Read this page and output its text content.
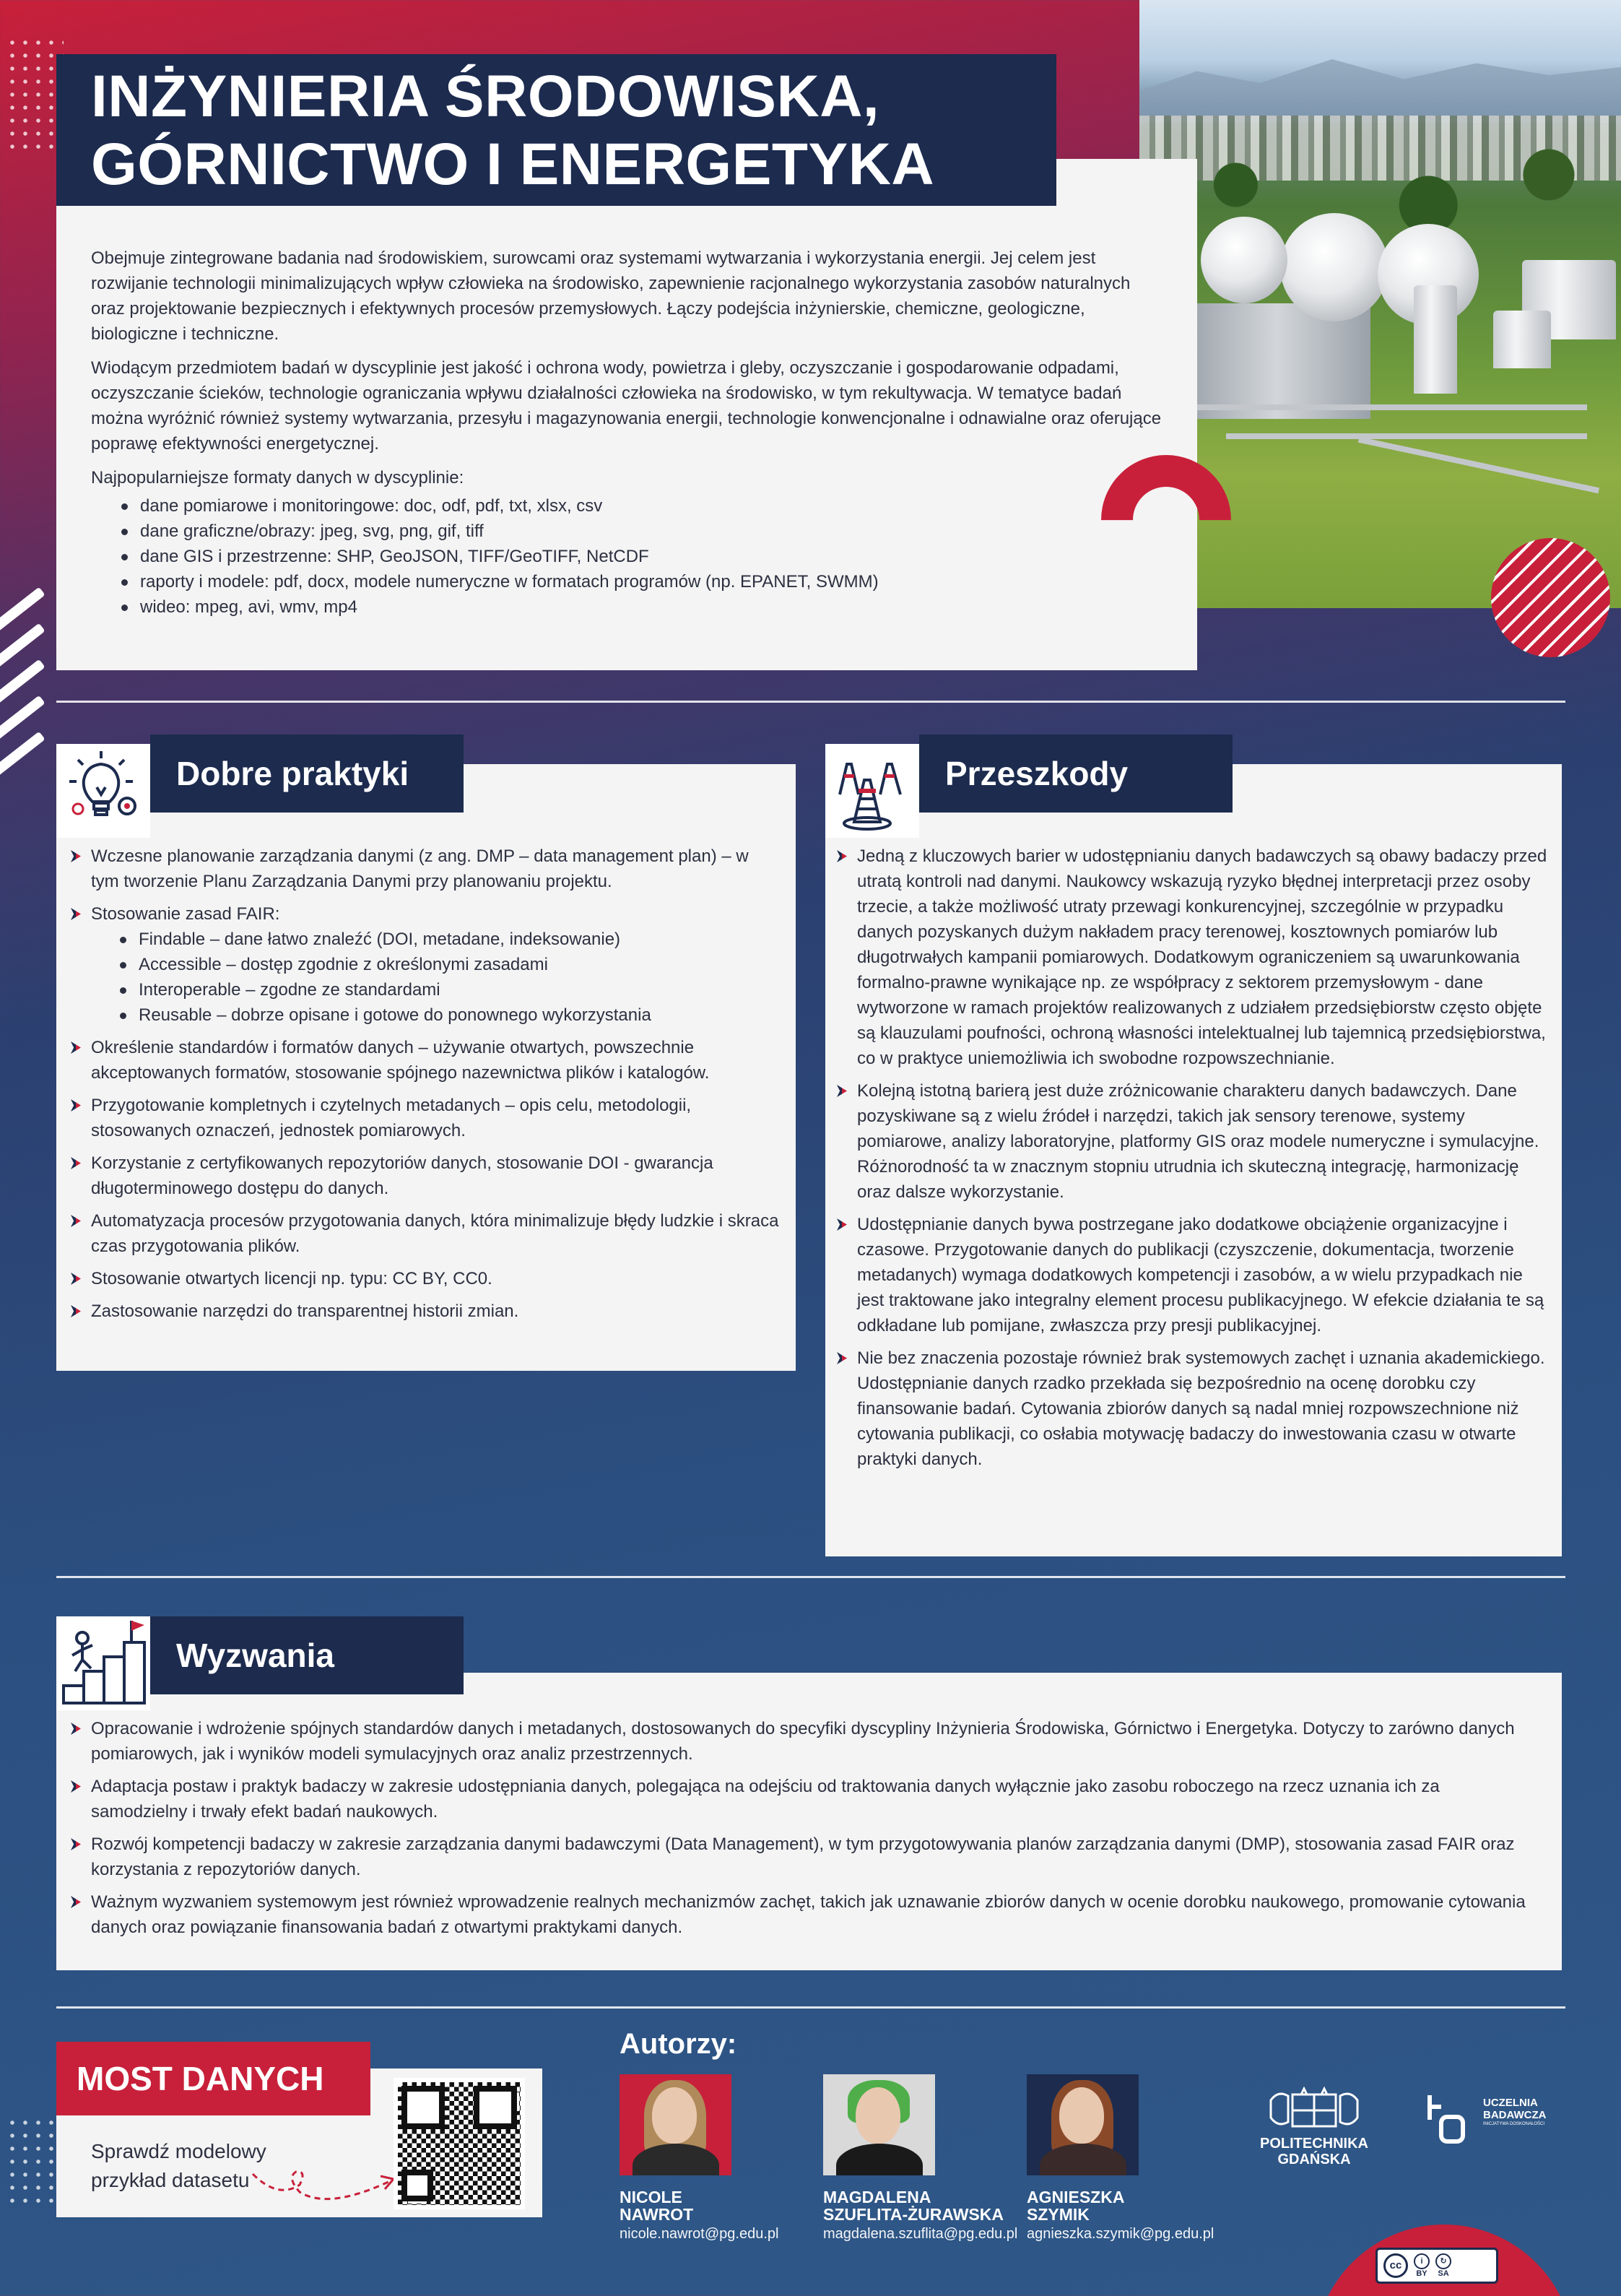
INŻYNIERIA ŚRODOWISKA,
GÓRNICTWO I ENERGETYKA

Obejmuje zintegrowane badania nad środowiskiem, surowcami oraz systemami wytwarzania i wykorzystania energii. Jej celem jest rozwijanie technologii minimalizujących wpływ człowieka na środowisko, zapewnienie racjonalnego wykorzystania zasobów naturalnych oraz projektowanie bezpiecznych i efektywnych procesów przemysłowych. Łączy podejścia inżynierskie, chemiczne, geologiczne, biologiczne i techniczne.

Wiodącym przedmiotem badań w dyscyplinie jest jakość i ochrona wody, powietrza i gleby, oczyszczanie i gospodarowanie odpadami, oczyszczanie ścieków, technologie ograniczania wpływu działalności człowieka na środowisko, w tym rekultywacja. W tematyce badań można wyróżnić również systemy wytwarzania, przesyłu i magazynowania energii, technologie konwencjonalne i odnawialne oraz oferujące poprawę efektywności energetycznej.

Najpopularniejsze formaty danych w dyscyplinie:

dane pomiarowe i monitoringowe: doc, odf, pdf, txt, xlsx, csv
dane graficzne/obrazy: jpeg, svg, png, gif, tiff
dane GIS i przestrzenne: SHP, GeoJSON, TIFF/GeoTIFF, NetCDF
raporty i modele: pdf, docx, modele numeryczne w formatach programów (np. EPANET, SWMM)
wideo: mpeg, avi, wmv, mp4
Dobre praktyki
Wczesne planowanie zarządzania danymi (z ang. DMP – data management plan) – w tym tworzenie Planu Zarządzania Danymi przy planowaniu projektu.
Stosowanie zasad FAIR:
Findable – dane łatwo znaleźć (DOI, metadane, indeksowanie)
Accessible – dostęp zgodnie z określonymi zasadami
Interoperable – zgodne ze standardami
Reusable – dobrze opisane i gotowe do ponownego wykorzystania
Określenie standardów i formatów danych – używanie otwartych, powszechnie akceptowanych formatów, stosowanie spójnego nazewnictwa plików i katalogów.
Przygotowanie kompletnych i czytelnych metadanych – opis celu, metodologii, stosowanych oznaczeń, jednostek pomiarowych.
Korzystanie z certyfikowanych repozytoriów danych, stosowanie DOI - gwarancja długoterminowego dostępu do danych.
Automatyzacja procesów przygotowania danych, która minimalizuje błędy ludzkie i skraca czas przygotowania plików.
Stosowanie otwartych licencji np. typu: CC BY, CC0.
Zastosowanie narzędzi do transparentnej historii zmian.
Przeszkody
Jedną z kluczowych barier w udostępnianiu danych badawczych są obawy badaczy przed utratą kontroli nad danymi. Naukowcy wskazują ryzyko błędnej interpretacji przez osoby trzecie, a także możliwość utraty przewagi konkurencyjnej, szczególnie w przypadku danych pozyskanych dużym nakładem pracy terenowej, kosztownych pomiarów lub długotrwałych kampanii pomiarowych. Dodatkowym ograniczeniem są uwarunkowania formalno-prawne wynikające np. ze współpracy z sektorem przemysłowym - dane wytworzone w ramach projektów realizowanych z udziałem przedsiębiorstw często objęte są klauzulami poufności, ochroną własności intelektualnej lub tajemnicą przedsiębiorstwa, co w praktyce uniemożliwia ich swobodne rozpowszechnianie.
Kolejną istotną barierą jest duże zróżnicowanie charakteru danych badawczych. Dane pozyskiwane są z wielu źródeł i narzędzi, takich jak sensory terenowe, systemy pomiarowe, analizy laboratoryjne, platformy GIS oraz modele numeryczne i symulacyjne. Różnorodność ta w znacznym stopniu utrudnia ich skuteczną integrację, harmonizację oraz dalsze wykorzystanie.
Udostępnianie danych bywa postrzegane jako dodatkowe obciążenie organizacyjne i czasowe. Przygotowanie danych do publikacji (czyszczenie, dokumentacja, tworzenie metadanych) wymaga dodatkowych kompetencji i zasobów, a w wielu przypadkach nie jest traktowane jako integralny element procesu publikacyjnego. W efekcie działania te są odkładane lub pomijane, zwłaszcza przy presji publikacyjnej.
Nie bez znaczenia pozostaje również brak systemowych zachęt i uznania akademickiego. Udostępnianie danych rzadko przekłada się bezpośrednio na ocenę dorobku czy finansowanie badań. Cytowania zbiorów danych są nadal mniej rozpowszechnione niż cytowania publikacji, co osłabia motywację badaczy do inwestowania czasu w otwarte praktyki danych.
Wyzwania
Opracowanie i wdrożenie spójnych standardów danych i metadanych, dostosowanych do specyfiki dyscypliny Inżynieria Środowiska, Górnictwo i Energetyka. Dotyczy to zarówno danych pomiarowych, jak i wyników modeli symulacyjnych oraz analiz przestrzennych.
Adaptacja postaw i praktyk badaczy w zakresie udostępniania danych, polegająca na odejściu od traktowania danych wyłącznie jako zasobu roboczego na rzecz uznania ich za samodzielny i trwały efekt badań naukowych.
Rozwój kompetencji badaczy w zakresie zarządzania danymi badawczymi (Data Management), w tym przygotowywania planów zarządzania danymi (DMP), stosowania zasad FAIR oraz korzystania z repozytoriów danych.
Ważnym wyzwaniem systemowym jest również wprowadzenie realnych mechanizmów zachęt, takich jak uznawanie zbiorów danych w ocenie dorobku naukowego, promowanie cytowania danych oraz powiązanie finansowania badań z otwartymi praktykami danych.
MOST DANYCH
Sprawdź modelowy
przykład datasetu
Autorzy:
NICOLE
NAWROT
nicole.nawrot@pg.edu.pl
MAGDALENA
SZUFLITA-ŻURAWSKA
magdalena.szuflita@pg.edu.pl
AGNIESZKA
SZYMIK
agnieszka.szymik@pg.edu.pl
POLITECHNIKA
GDAŃSKA
UCZELNIA
BADAWCZA
INICJATYWA DOSKONAŁOŚCI
cc	i
BY
↻
SA
